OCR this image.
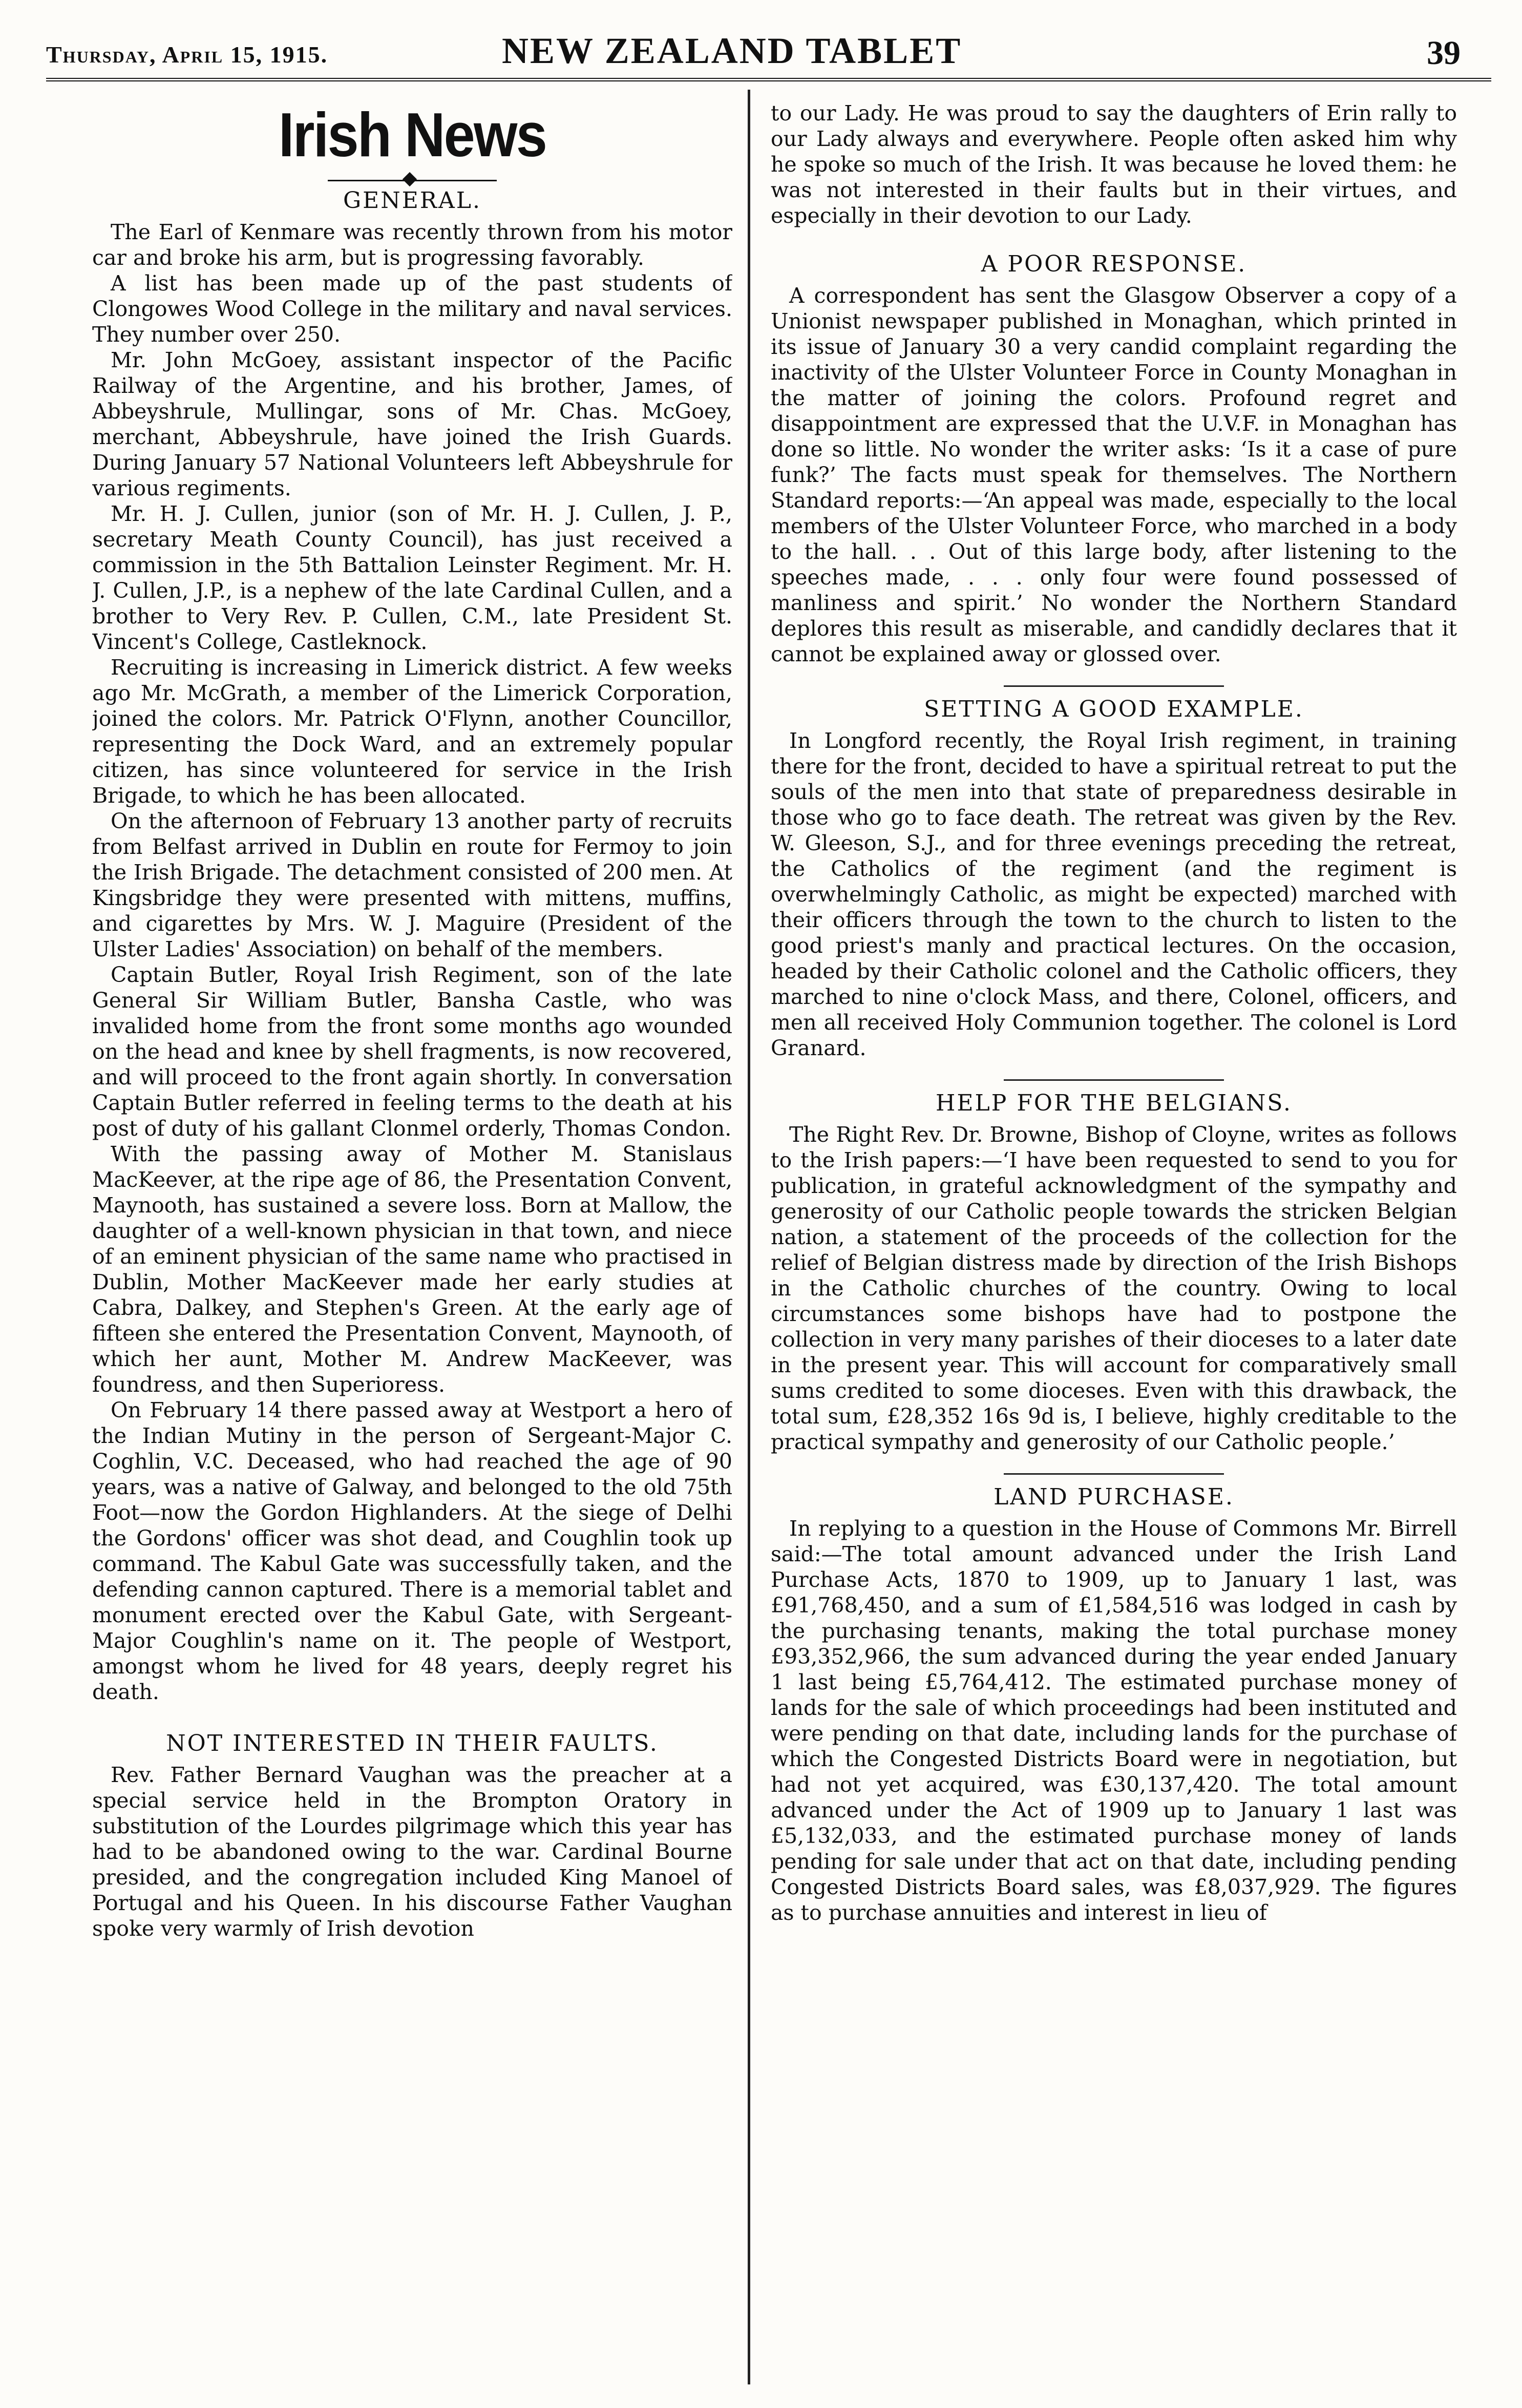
Thursday, April 15, 1915.	NEW ZEALAND TABLET	39
Irish News
GENERAL.

The Earl of Kenmare was recently thrown from his motor car and broke his arm, but is progressing favorably.

A list has been made up of the past students of Clongowes Wood College in the military and naval services. They number over 250.

Mr. John McGoey, assistant inspector of the Pacific Railway of the Argentine, and his brother, James, of Abbeyshrule, Mullingar, sons of Mr. Chas. McGoey, merchant, Abbeyshrule, have joined the Irish Guards. During January 57 National Volunteers left Abbeyshrule for various regiments.

Mr. H. J. Cullen, junior (son of Mr. H. J. Cullen, J. P., secretary Meath County Council), has just received a commission in the 5th Battalion Leinster Regiment. Mr. H. J. Cullen, J.P., is a nephew of the late Cardinal Cullen, and a brother to Very Rev. P. Cullen, C.M., late President St. Vincent's College, Castleknock.

Recruiting is increasing in Limerick district. A few weeks ago Mr. McGrath, a member of the Limerick Corporation, joined the colors. Mr. Patrick O'Flynn, another Councillor, representing the Dock Ward, and an extremely popular citizen, has since volunteered for service in the Irish Brigade, to which he has been allocated.

On the afternoon of February 13 another party of recruits from Belfast arrived in Dublin en route for Fermoy to join the Irish Brigade. The detachment consisted of 200 men. At Kingsbridge they were presented with mittens, muffins, and cigarettes by Mrs. W. J. Maguire (President of the Ulster Ladies' Association) on behalf of the members.

Captain Butler, Royal Irish Regiment, son of the late General Sir William Butler, Bansha Castle, who was invalided home from the front some months ago wounded on the head and knee by shell fragments, is now recovered, and will proceed to the front again shortly. In conversation Captain Butler referred in feeling terms to the death at his post of duty of his gallant Clonmel orderly, Thomas Condon.

With the passing away of Mother M. Stanislaus MacKeever, at the ripe age of 86, the Presentation Convent, Maynooth, has sustained a severe loss. Born at Mallow, the daughter of a well-known physician in that town, and niece of an eminent physician of the same name who practised in Dublin, Mother MacKeever made her early studies at Cabra, Dalkey, and Stephen's Green. At the early age of fifteen she entered the Presentation Convent, Maynooth, of which her aunt, Mother M. Andrew MacKeever, was foundress, and then Superioress.

On February 14 there passed away at Westport a hero of the Indian Mutiny in the person of Sergeant-Major C. Coghlin, V.C. Deceased, who had reached the age of 90 years, was a native of Galway, and belonged to the old 75th Foot—now the Gordon Highlanders. At the siege of Delhi the Gordons' officer was shot dead, and Coughlin took up command. The Kabul Gate was successfully taken, and the defending cannon captured. There is a memorial tablet and monument erected over the Kabul Gate, with Sergeant-Major Coughlin's name on it. The people of Westport, amongst whom he lived for 48 years, deeply regret his death.

NOT INTERESTED IN THEIR FAULTS.

Rev. Father Bernard Vaughan was the preacher at a special service held in the Brompton Oratory in substitution of the Lourdes pilgrimage which this year has had to be abandoned owing to the war. Cardinal Bourne presided, and the congregation included King Manoel of Portugal and his Queen. In his discourse Father Vaughan spoke very warmly of Irish devotion

to our Lady. He was proud to say the daughters of Erin rally to our Lady always and everywhere. People often asked him why he spoke so much of the Irish. It was because he loved them: he was not interested in their faults but in their virtues, and especially in their devotion to our Lady.

A POOR RESPONSE.

A correspondent has sent the Glasgow Observer a copy of a Unionist newspaper published in Monaghan, which printed in its issue of January 30 a very candid complaint regarding the inactivity of the Ulster Volunteer Force in County Monaghan in the matter of joining the colors. Profound regret and disappointment are expressed that the U.V.F. in Monaghan has done so little. No wonder the writer asks: ‘Is it a case of pure funk?’ The facts must speak for themselves. The Northern Standard reports:—‘An appeal was made, especially to the local members of the Ulster Volunteer Force, who marched in a body to the hall. . . Out of this large body, after listening to the speeches made, . . . only four were found possessed of manliness and spirit.’ No wonder the Northern Standard deplores this result as miserable, and candidly declares that it cannot be explained away or glossed over.

SETTING A GOOD EXAMPLE.

In Longford recently, the Royal Irish regiment, in training there for the front, decided to have a spiritual retreat to put the souls of the men into that state of preparedness desirable in those who go to face death. The retreat was given by the Rev. W. Gleeson, S.J., and for three evenings preceding the retreat, the Catholics of the regiment (and the regiment is overwhelmingly Catholic, as might be expected) marched with their officers through the town to the church to listen to the good priest's manly and practical lectures. On the occasion, headed by their Catholic colonel and the Catholic officers, they marched to nine o'clock Mass, and there, Colonel, officers, and men all received Holy Communion together. The colonel is Lord Granard.

HELP FOR THE BELGIANS.

The Right Rev. Dr. Browne, Bishop of Cloyne, writes as follows to the Irish papers:—‘I have been requested to send to you for publication, in grateful acknowledgment of the sympathy and generosity of our Catholic people towards the stricken Belgian nation, a statement of the proceeds of the collection for the relief of Belgian distress made by direction of the Irish Bishops in the Catholic churches of the country. Owing to local circumstances some bishops have had to postpone the collection in very many parishes of their dioceses to a later date in the present year. This will account for comparatively small sums credited to some dioceses. Even with this drawback, the total sum, £28,352 16s 9d is, I believe, highly creditable to the practical sympathy and generosity of our Catholic people.’

LAND PURCHASE.

In replying to a question in the House of Commons Mr. Birrell said:—The total amount advanced under the Irish Land Purchase Acts, 1870 to 1909, up to January 1 last, was £91,768,450, and a sum of £1,584,516 was lodged in cash by the purchasing tenants, making the total purchase money £93,352,966, the sum advanced during the year ended January 1 last being £5,764,412. The estimated purchase money of lands for the sale of which proceedings had been instituted and were pending on that date, including lands for the purchase of which the Congested Districts Board were in negotiation, but had not yet acquired, was £30,137,420. The total amount advanced under the Act of 1909 up to January 1 last was £5,132,033, and the estimated purchase money of lands pending for sale under that act on that date, including pending Congested Districts Board sales, was £8,037,929. The figures as to purchase annuities and interest in lieu of
